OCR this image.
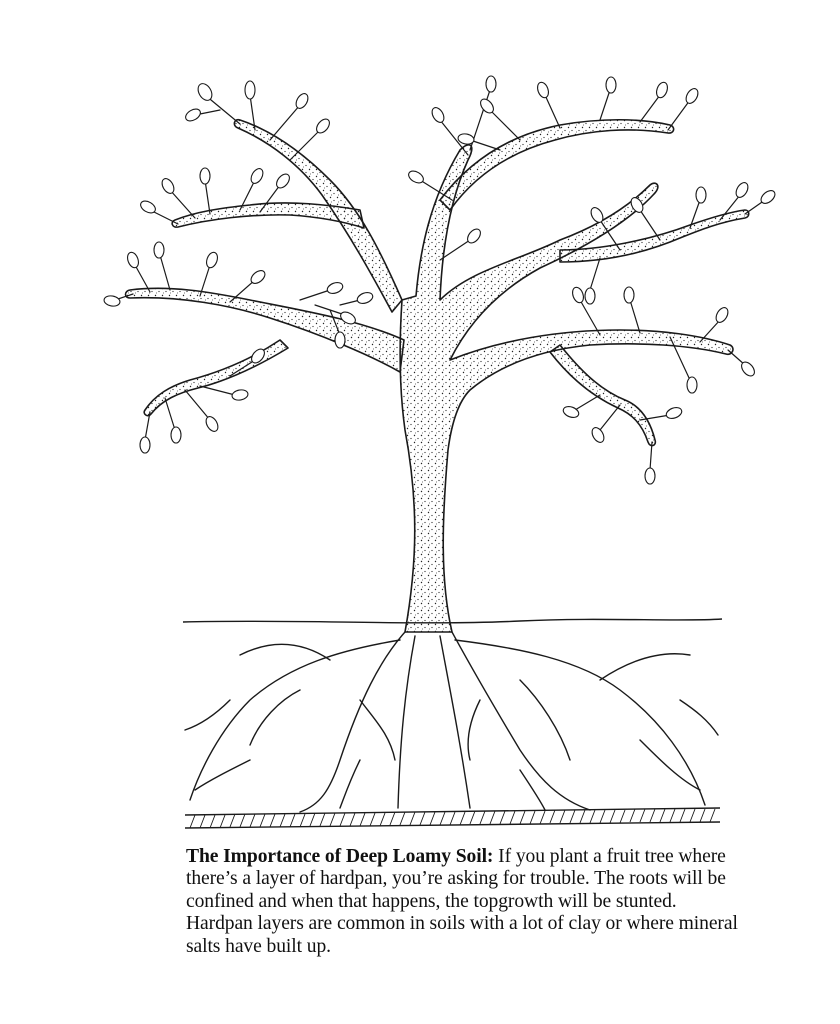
The Importance of Deep Loamy Soil: If you plant a fruit tree where there’s a layer of hardpan, you’re asking for trouble. The roots will be confined and when that happens, the topgrowth will be stunted. Hardpan layers are common in soils with a lot of clay or where mineral salts have built up.
